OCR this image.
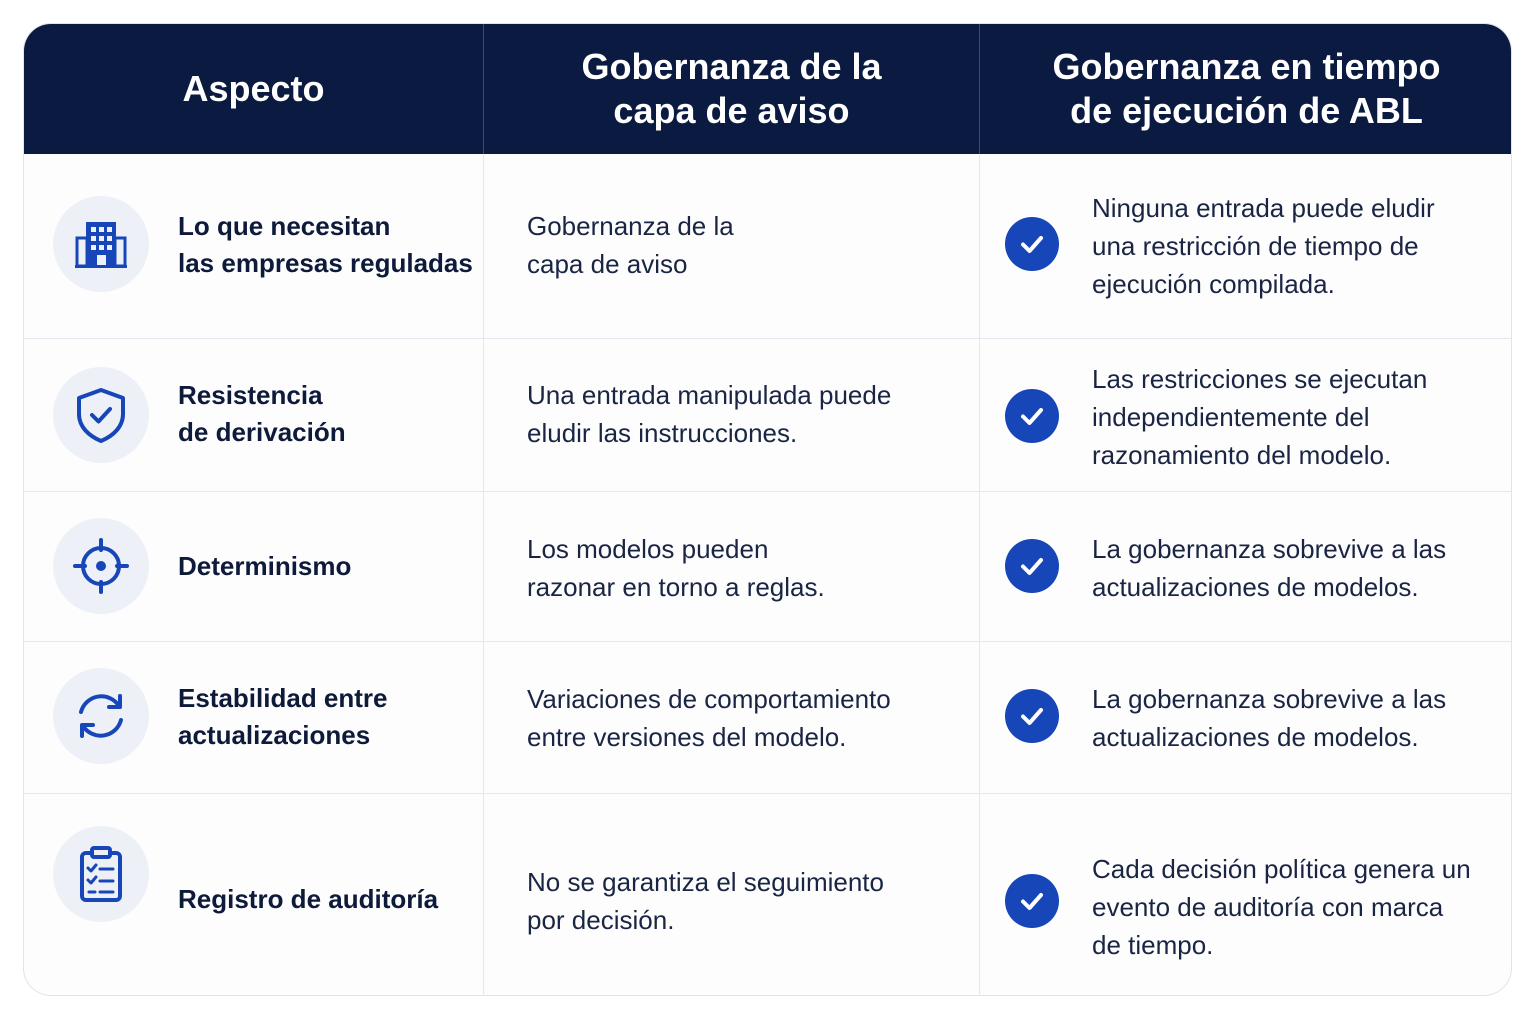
Aspecto
Gobernanza de la
capa de aviso
Gobernanza en tiempo
de ejecución de ABL
Lo que necesitan
las empresas reguladas
Gobernanza de la
capa de aviso
Ninguna entrada puede eludir
una restricción de tiempo de
ejecución compilada.
Resistencia
de derivación
Una entrada manipulada puede
eludir las instrucciones.
Las restricciones se ejecutan
independientemente del
razonamiento del modelo.
Determinismo
Los modelos pueden
razonar en torno a reglas.
La gobernanza sobrevive a las
actualizaciones de modelos.
Estabilidad entre
actualizaciones
Variaciones de comportamiento
entre versiones del modelo.
La gobernanza sobrevive a las
actualizaciones de modelos.
Registro de auditoría
No se garantiza el seguimiento
por decisión.
Cada decisión política genera un
evento de auditoría con marca
de tiempo.
